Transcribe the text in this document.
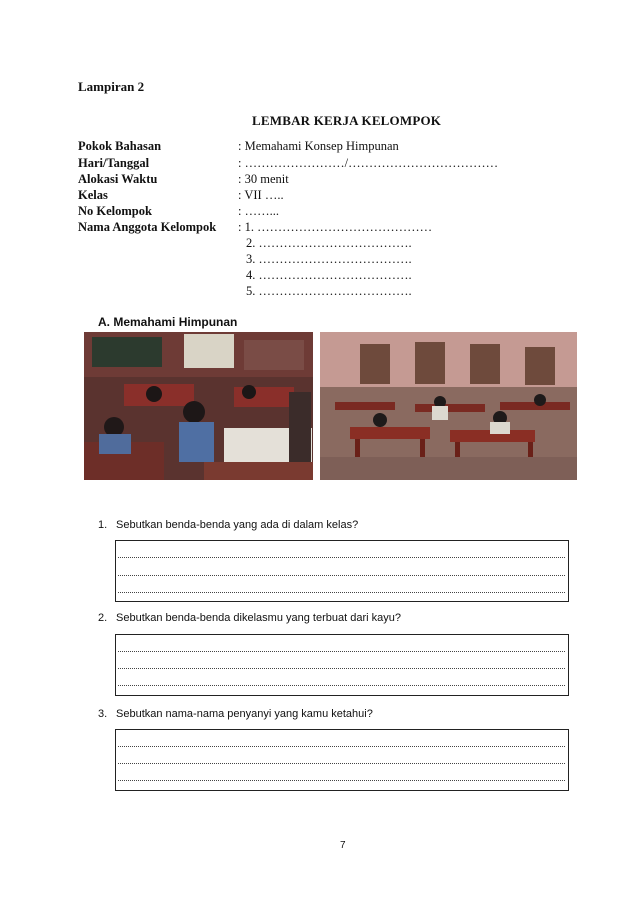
Lampiran 2
LEMBAR KERJA KELOMPOK
Pokok Bahasan	: Memahami Konsep Himpunan
Hari/Tanggal	: ……………………/………………………………
Alokasi Waktu	: 30 menit
Kelas	: VII …..
No Kelompok	: ……...
Nama Anggota Kelompok : 1. ……………………………………
2. ……………………………….
3. ……………………………….
4. ……………………………….
5. ……………………………….
A. Memahami Himpunan
1. Sebutkan benda-benda yang ada di dalam kelas?
2. Sebutkan benda-benda dikelasmu yang terbuat dari kayu?
3. Sebutkan nama-nama penyanyi yang kamu ketahui?
7
